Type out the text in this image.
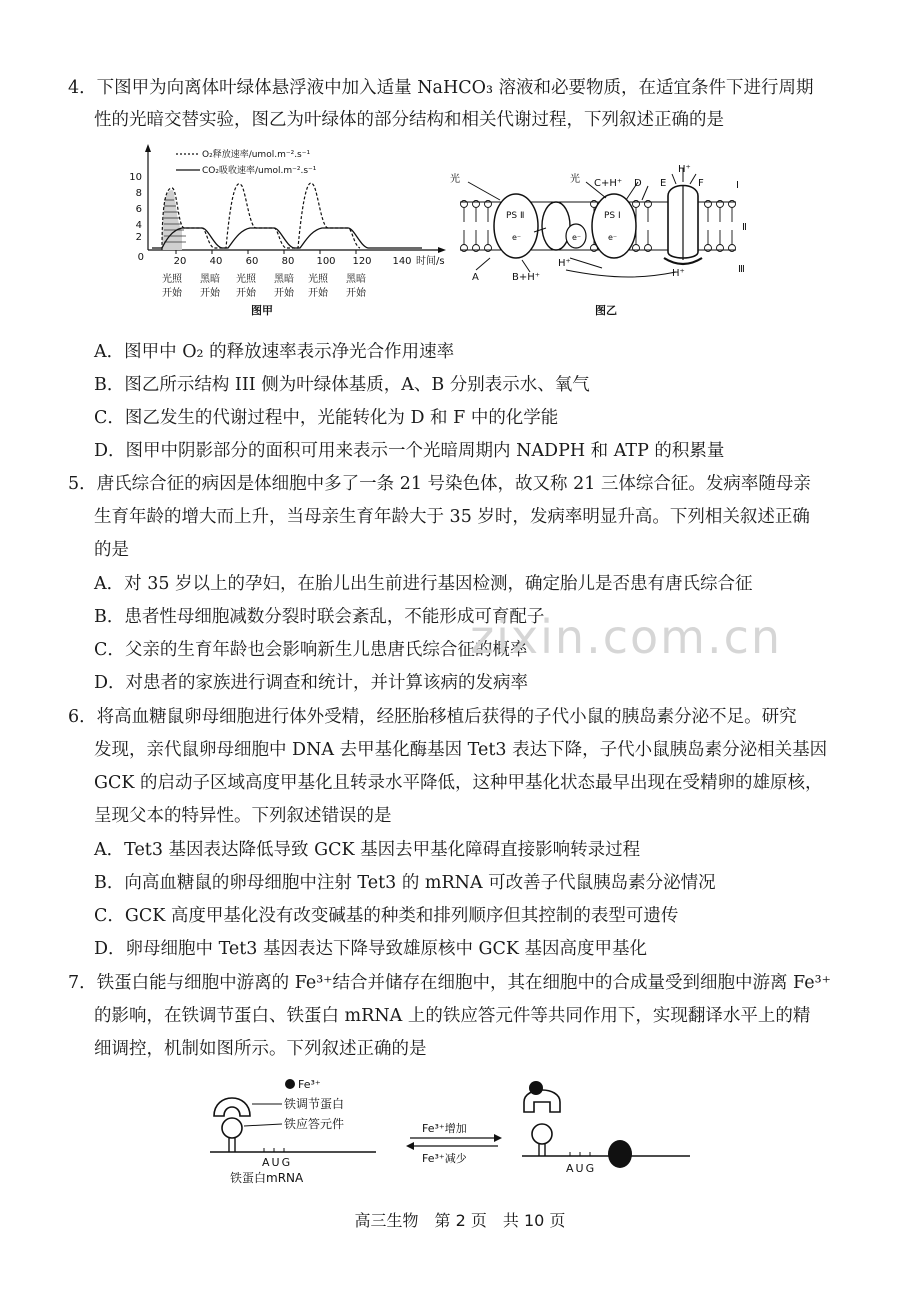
4．下图甲为向离体叶绿体悬浮液中加入适量 NaHCO₃ 溶液和必要物质，在适宜条件下进行周期
性的光暗交替实验，图乙为叶绿体的部分结构和相关代谢过程，下列叙述正确的是
10
8
6
4
2
0
O₂释放速率/umol.m⁻².s⁻¹
CO₂吸收速率/umol.m⁻².s⁻¹
20 40 60 80 100 120 140 时间/s
光照
开始
黑暗
开始
光照
开始
黑暗
开始
光照
开始
黑暗
开始
图甲
PS Ⅱ
e⁻	e⁻
PS Ⅰ
e⁻
光	光 C+H⁺ D E
H⁺
F	Ⅰ
Ⅱ
Ⅲ
A	B+H⁺
H⁺
H⁺
图乙
A．图甲中 O₂ 的释放速率表示净光合作用速率
B．图乙所示结构 III 侧为叶绿体基质，A、B 分别表示水、氧气
C．图乙发生的代谢过程中，光能转化为 D 和 F 中的化学能
D．图甲中阴影部分的面积可用来表示一个光暗周期内 NADPH 和 ATP 的积累量
5．唐氏综合征的病因是体细胞中多了一条 21 号染色体，故又称 21 三体综合征。发病率随母亲
生育年龄的增大而上升，当母亲生育年龄大于 35 岁时，发病率明显升高。下列相关叙述正确
的是
A．对 35 岁以上的孕妇，在胎儿出生前进行基因检测，确定胎儿是否患有唐氏综合征
B．患者性母细胞减数分裂时联会紊乱，不能形成可育配子
C．父亲的生育年龄也会影响新生儿患唐氏综合征的概率
D．对患者的家族进行调查和统计，并计算该病的发病率
6．将高血糖鼠卵母细胞进行体外受精，经胚胎移植后获得的子代小鼠的胰岛素分泌不足。研究
发现，亲代鼠卵母细胞中 DNA 去甲基化酶基因 Tet3 表达下降，子代小鼠胰岛素分泌相关基因
GCK 的启动子区域高度甲基化且转录水平降低，这种甲基化状态最早出现在受精卵的雄原核，
呈现父本的特异性。下列叙述错误的是
A．Tet3 基因表达降低导致 GCK 基因去甲基化障碍直接影响转录过程
B．向高血糖鼠的卵母细胞中注射 Tet3 的 mRNA 可改善子代鼠胰岛素分泌情况
C．GCK 高度甲基化没有改变碱基的种类和排列顺序但其控制的表型可遗传
D．卵母细胞中 Tet3 基因表达下降导致雄原核中 GCK 基因高度甲基化
7．铁蛋白能与细胞中游离的 Fe³⁺结合并储存在细胞中，其在细胞中的合成量受到细胞中游离 Fe³⁺
的影响，在铁调节蛋白、铁蛋白 mRNA 上的铁应答元件等共同作用下，实现翻译水平上的精
细调控，机制如图所示。下列叙述正确的是
Fe³⁺
铁调节蛋白
铁应答元件
AUG
铁蛋白mRNA
Fe³⁺增加
Fe³⁺减少
AUG
zixin.com.cn
高三生物　第 2 页　共 10 页
